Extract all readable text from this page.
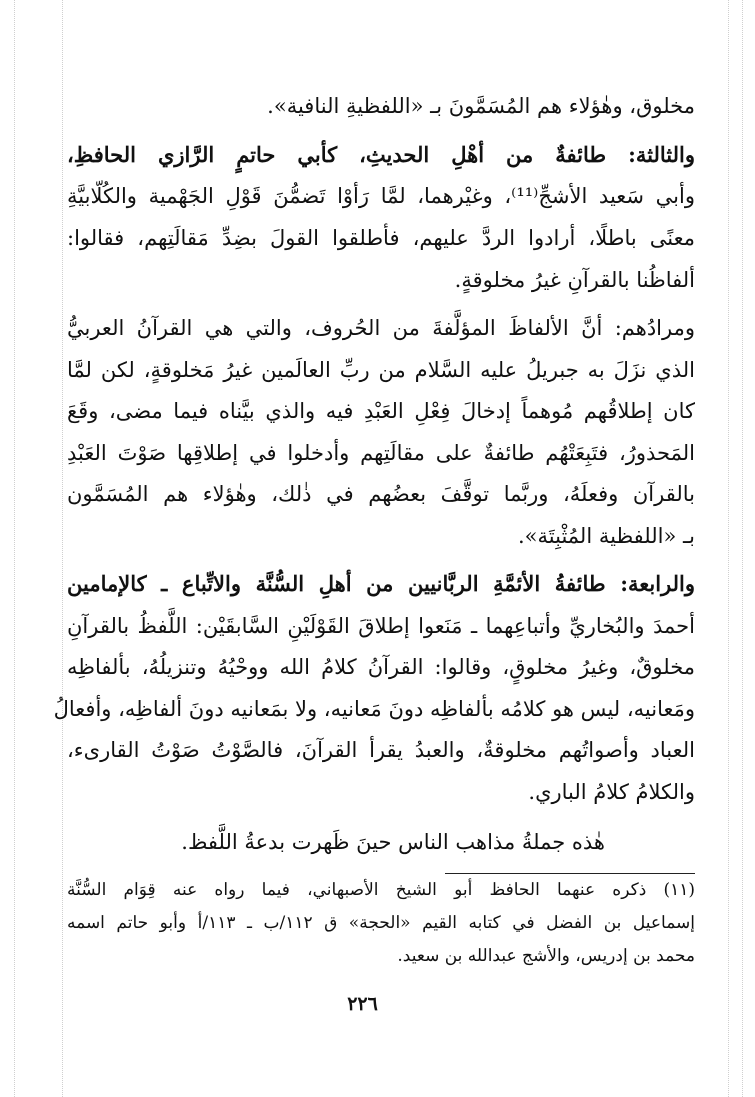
مخلوق، وهٰؤلاء هم المُسَمَّونَ بـ «اللفظيةِ النافية».
والثالثة: طائفةٌ من أهْلِ الحديثِ، كأبي حاتمٍ الرَّازي الحافظِ،
وأبي سَعيد الأشجِّ⁽¹¹⁾، وغيْرهما، لمَّا رَأوْا تَضمُّنَ قَوْلِ الجَهْمية والكُلّابيَّةِ
معنًى باطلًا، أرادوا الردَّ عليهم، فأطلقوا القولَ بضِدِّ مَقالَتِهم، فقالوا:
ألفاظُنا بالقرآنِ غيرُ مخلوقةٍ.
ومرادُهم: أنَّ الألفاظَ المؤلَّفةَ من الحُروف، والتي هي القرآنُ العربيُّ
الذي نزَلَ به جبريلُ عليه السَّلام من ربِّ العالَمين غيرُ مَخلوقةٍ، لكن لمَّا
كان إطلاقُهم مُوهماً إدخالَ فِعْلِ العَبْدِ فيه والذي بيَّناه فيما مضى، وقَعَ
المَحذورُ، فتَبِعَتْهُم طائفةٌ على مقالَتِهم وأدخلوا في إطلاقِها صَوْتَ العَبْدِ
بالقرآن وفعلَهُ، وربَّما توقَّفَ بعضُهم في ذٰلك، وهٰؤلاء هم المُسَمَّون
بـ «اللفظية المُثْبِتَة».
والرابعة: طائفةُ الأئمَّةِ الربَّانيين من أهلِ السُّنَّة والاتِّباع ـ كالإمامين
أحمدَ والبُخاريِّ وأتباعِهما ـ مَنَعوا إطلاقَ القَوْلَيْنِ السَّابقَيْن: اللَّفظُ بالقرآنِ
مخلوقٌ، وغيرُ مخلوقٍ، وقالوا: القرآنُ كلامُ الله ووحْيُهُ وتنزيلُهُ، بألفاظِه
ومَعانيه، ليس هو كلامُه بألفاظِه دونَ مَعانيه، ولا بمَعانيه دونَ ألفاظِه، وأفعالُ
العباد وأصواتُهم مخلوقةٌ، والعبدُ يقرأ القرآنَ، فالصَّوْتُ صَوْتُ القارىء،
والكلامُ كلامُ الباري.
هٰذه جملةُ مذاهب الناس حينَ ظَهرت بدعةُ اللَّفظ.
(١١) ذكره عنهما الحافظ أبو الشيخ الأصبهاني، فيما رواه عنه قِوَام السُّنَّة
إسماعيل بن الفضل في كتابه القيم «الحجة» ق ١١٢/ب ـ ١١٣/أ وأبو حاتم اسمه
محمد بن إدريس، والأشج عبدالله بن سعيد.
٢٢٦
